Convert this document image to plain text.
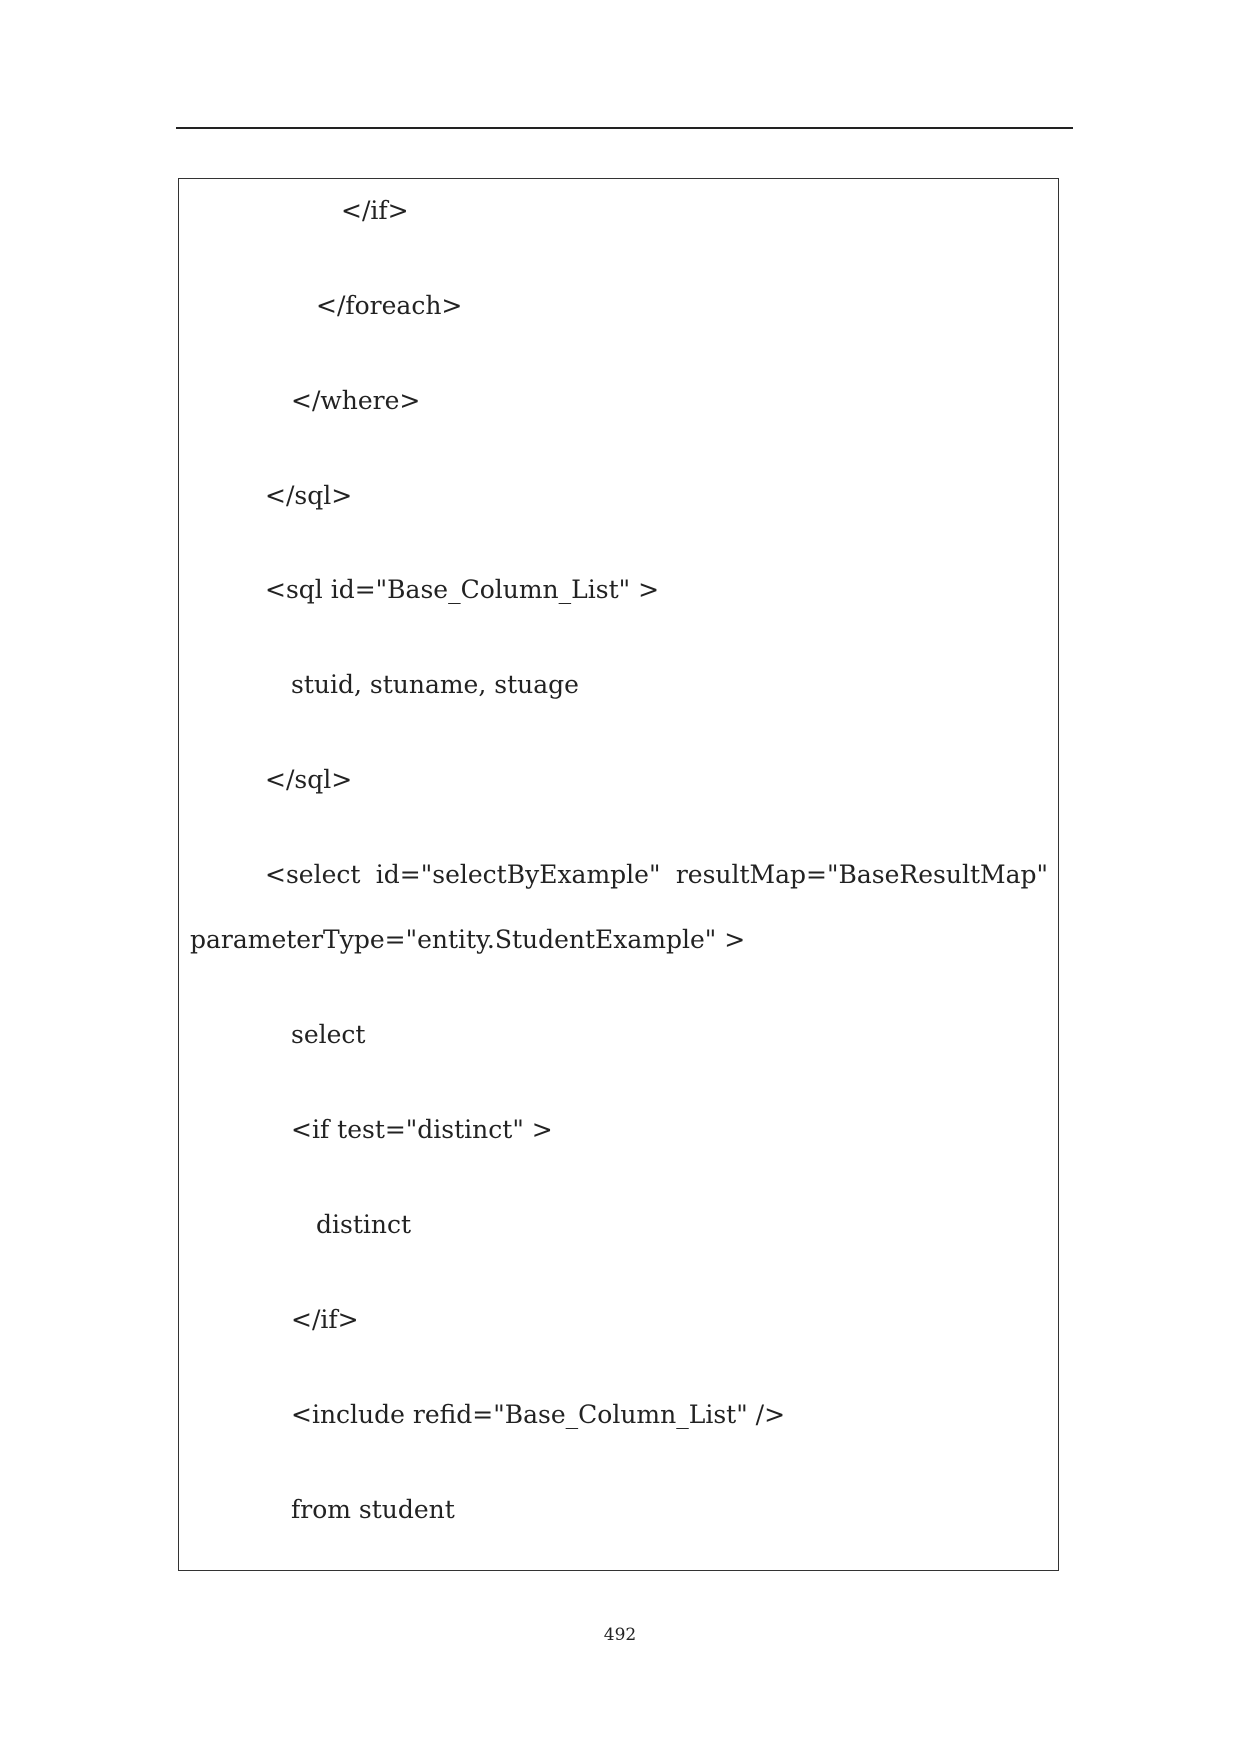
</if>
</foreach>
</where>
</sql>
<sql id="Base_Column_List" >
stuid, stuname, stuage
</sql>
<select id="selectByExample" resultMap="BaseResultMap"
parameterType="entity.StudentExample" >
select
<if test="distinct" >
distinct
</if>
<include refid="Base_Column_List" />
from student
492
